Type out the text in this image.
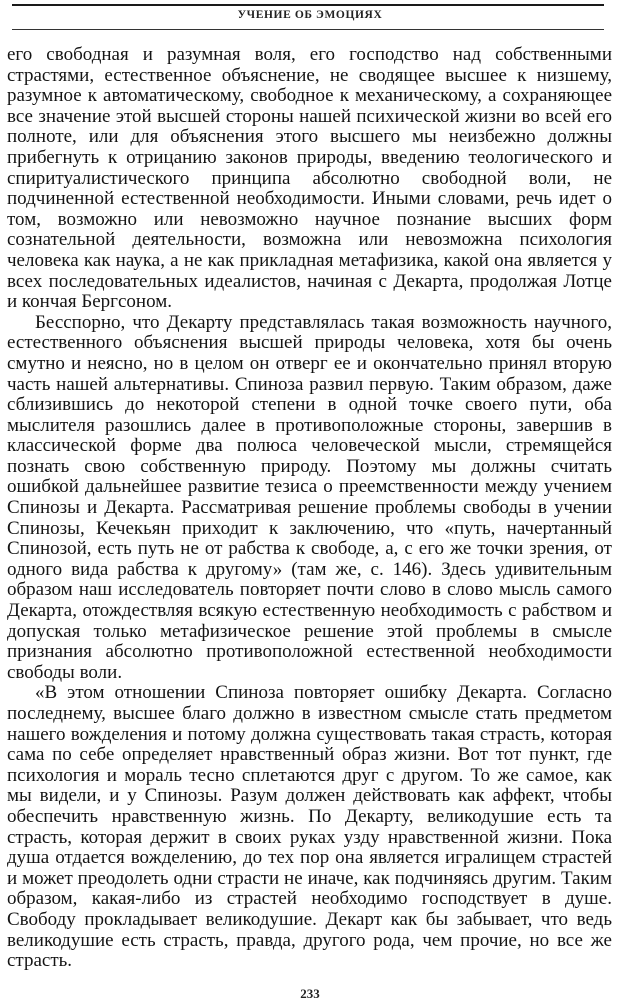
УЧЕНИЕ ОБ ЭМОЦИЯХ

его свободная и разумная воля, его господство над собственными страстями, естественное объяснение, не сводящее высшее к низшему, разумное к автоматическому, свободное к механическому, а сохраняющее все значение этой высшей стороны нашей психической жизни во всей его полноте, или для объяснения этого высшего мы неизбежно должны прибегнуть к отрицанию законов природы, введению теологического и спиритуалистического принципа абсолютно свободной воли, не подчиненной естественной необходимости. Иными словами, речь идет о том, возможно или невозможно научное познание высших форм сознательной деятельности, возможна или невозможна психология человека как наука, а не как прикладная метафизика, какой она является у всех последовательных идеалистов, начиная с Декарта, продолжая Лотце и кончая Бергсоном.

Бесспорно, что Декарту представлялась такая возможность научного, естественного объяснения высшей природы человека, хотя бы очень смутно и неясно, но в целом он отверг ее и окончательно принял вторую часть нашей альтернативы. Спиноза развил первую. Таким образом, даже сблизившись до некоторой степени в одной точке своего пути, оба мыслителя разошлись далее в противоположные стороны, завершив в классической форме два полюса человеческой мысли, стремящейся познать свою собственную природу. Поэтому мы должны считать ошибкой дальнейшее развитие тезиса о преемственности между учением Спинозы и Декарта. Рассматривая решение проблемы свободы в учении Спинозы, Кечекьян приходит к заключению, что «путь, начертанный Спинозой, есть путь не от рабства к свободе, а, с его же точки зрения, от одного вида рабства к другому» (там же, с. 146). Здесь удивительным образом наш исследователь повторяет почти слово в слово мысль самого Декарта, отождествляя всякую естественную необходимость с рабством и допуская только метафизическое решение этой проблемы в смысле признания абсолютно противоположной естественной необходимости свободы воли.

«В этом отношении Спиноза повторяет ошибку Декарта. Согласно последнему, высшее благо должно в известном смысле стать предметом нашего вожделения и потому должна существовать такая страсть, которая сама по себе определяет нравственный образ жизни. Вот тот пункт, где психология и мораль тесно сплетаются друг с другом. То же самое, как мы видели, и у Спинозы. Разум должен действовать как аффект, чтобы обеспечить нравственную жизнь. По Декарту, великодушие есть та страсть, которая держит в своих руках узду нравственной жизни. Пока душа отдается вожделению, до тех пор она является игралищем страстей и может преодолеть одни страсти не иначе, как подчиняясь другим. Таким образом, какая-либо из страстей необходимо господствует в душе. Свободу прокладывает великодушие. Декарт как бы забывает, что ведь великодушие есть страсть, правда, другого рода, чем прочие, но все же страсть.

233
